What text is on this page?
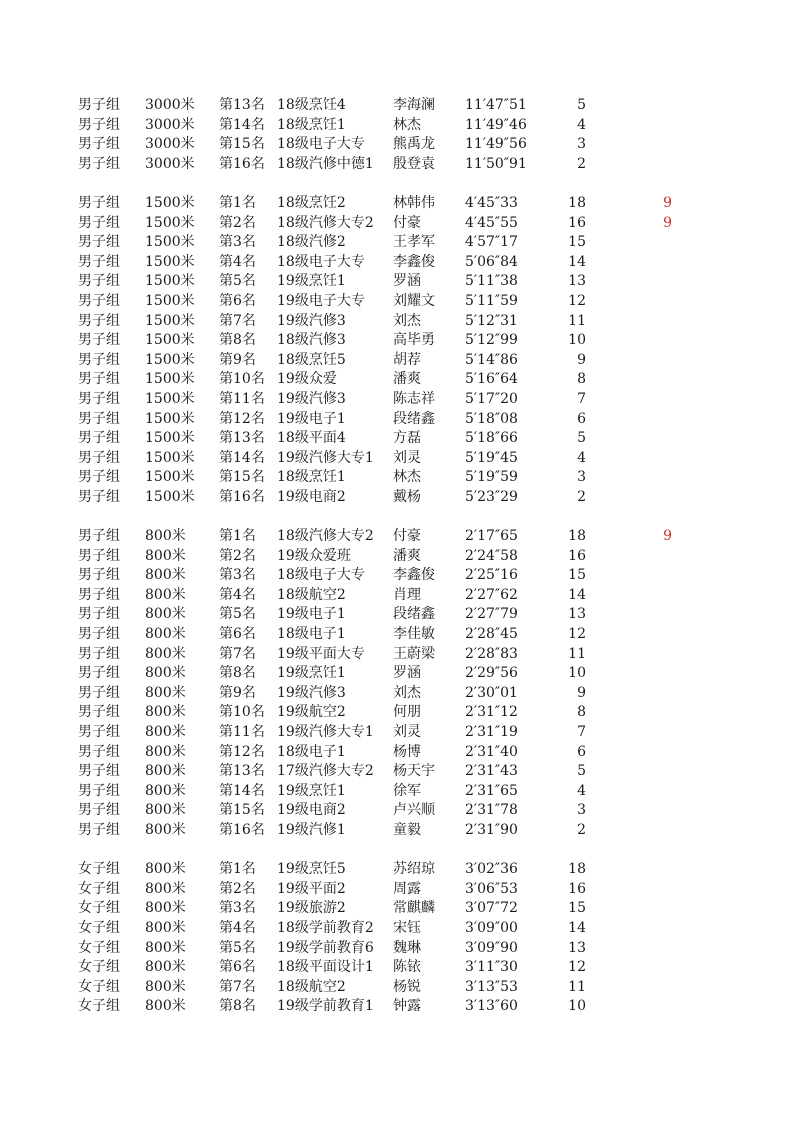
男子组 3000米 第13名 18级烹饪4	李海澜 11′47″51	5
男子组 3000米 第14名 18级烹饪1	林杰	11′49″46	4
男子组 3000米 第15名 18级电子大专 熊禹龙 11′49″56	3
男子组 3000米 第16名 18级汽修中德1 殷登袁 11′50″91	2
男子组 1500米 第1名 18级烹饪2	林韩伟 4′45″33	18	9
男子组 1500米 第2名 18级汽修大专2 付豪	4′45″55	16	9
男子组 1500米 第3名 18级汽修2	王孝军 4′57″17	15
男子组 1500米 第4名 18级电子大专 李鑫俊 5′06″84	14
男子组 1500米 第5名 19级烹饪1	罗涵	5′11″38	13
男子组 1500米 第6名 19级电子大专 刘耀文 5′11″59	12
男子组 1500米 第7名 19级汽修3	刘杰	5′12″31	11
男子组 1500米 第8名 18级汽修3	高毕勇 5′12″99	10
男子组 1500米 第9名 18级烹饪5	胡荐	5′14″86	9
男子组 1500米 第10名 19级众爱	潘爽	5′16″64	8
男子组 1500米 第11名 19级汽修3	陈志祥 5′17″20	7
男子组 1500米 第12名 19级电子1	段绪鑫 5′18″08	6
男子组 1500米 第13名 18级平面4	方磊	5′18″66	5
男子组 1500米 第14名 19级汽修大专1 刘灵	5′19″45	4
男子组 1500米 第15名 18级烹饪1	林杰	5′19″59	3
男子组 1500米 第16名 19级电商2	戴杨	5′23″29	2
男子组 800米 第1名 18级汽修大专2 付豪	2′17″65	18	9
男子组 800米 第2名 19级众爱班	潘爽	2′24″58	16
男子组 800米 第3名 18级电子大专 李鑫俊 2′25″16	15
男子组 800米 第4名 18级航空2	肖理	2′27″62	14
男子组 800米 第5名 19级电子1	段绪鑫 2′27″79	13
男子组 800米 第6名 18级电子1	李佳敏 2′28″45	12
男子组 800米 第7名 19级平面大专 王蔚梁 2′28″83	11
男子组 800米 第8名 19级烹饪1	罗涵	2′29″56	10
男子组 800米 第9名 19级汽修3	刘杰	2′30″01	9
男子组 800米 第10名 19级航空2	何朋	2′31″12	8
男子组 800米 第11名 19级汽修大专1 刘灵	2′31″19	7
男子组 800米 第12名 18级电子1	杨博	2′31″40	6
男子组 800米 第13名 17级汽修大专2 杨天宇 2′31″43	5
男子组 800米 第14名 19级烹饪1	徐军	2′31″65	4
男子组 800米 第15名 19级电商2	卢兴顺 2′31″78	3
男子组 800米 第16名 19级汽修1	童毅	2′31″90	2
女子组 800米 第1名 19级烹饪5	苏绍琼 3′02″36	18
女子组 800米 第2名 19级平面2	周露	3′06″53	16
女子组 800米 第3名 19级旅游2	常麒麟 3′07″72	15
女子组 800米 第4名 18级学前教育2 宋钰	3′09″00	14
女子组 800米 第5名 19级学前教育6 魏琳	3′09″90	13
女子组 800米 第6名 18级平面设计1 陈铱	3′11″30	12
女子组 800米 第7名 18级航空2	杨锐	3′13″53	11
女子组 800米 第8名 19级学前教育1 钟露	3′13″60	10
